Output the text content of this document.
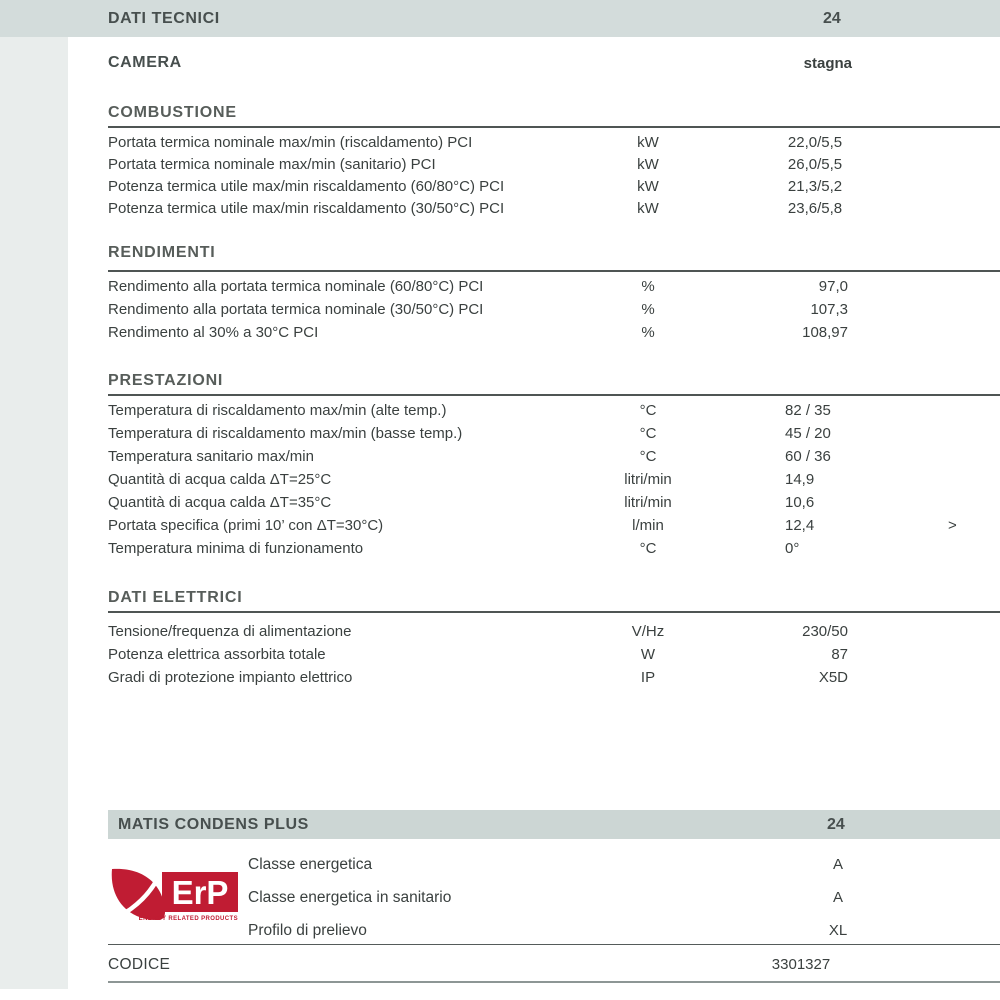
DATI TECNICI	24
CAMERA	stagna
COMBUSTIONE
Portata termica nominale max/min (riscaldamento) PCI	kW	22,0/5,5
Portata termica nominale max/min (sanitario) PCI	kW	26,0/5,5
Potenza termica utile max/min riscaldamento (60/80°C) PCI	kW	21,3/5,2
Potenza termica utile max/min riscaldamento (30/50°C) PCI	kW	23,6/5,8
RENDIMENTI
Rendimento alla portata termica nominale (60/80°C) PCI	%	97,0
Rendimento alla portata termica nominale (30/50°C) PCI	%	107,3
Rendimento al 30% a 30°C PCI	%	108,97
PRESTAZIONI
Temperatura di riscaldamento max/min (alte temp.)	°C	82 / 35
Temperatura di riscaldamento max/min (basse temp.)	°C	45 / 20
Temperatura sanitario max/min	°C	60 / 36
Quantità di acqua calda ΔT=25°C	litri/min	14,9
Quantità di acqua calda ΔT=35°C	litri/min	10,6
Portata specifica (primi 10’ con ΔT=30°C)	l/min	12,4	>
Temperatura minima di funzionamento	°C	0°
DATI ELETTRICI
Tensione/frequenza di alimentazione	V/Hz	230/50
Potenza elettrica assorbita totale	W	87
Gradi di protezione impianto elettrico	IP	X5D
MATIS CONDENS PLUS	24
ErP
ENERGY RELATED PRODUCTS
Classe energetica	A
Classe energetica in sanitario	A
Profilo di prelievo	XL
CODICE	3301327
